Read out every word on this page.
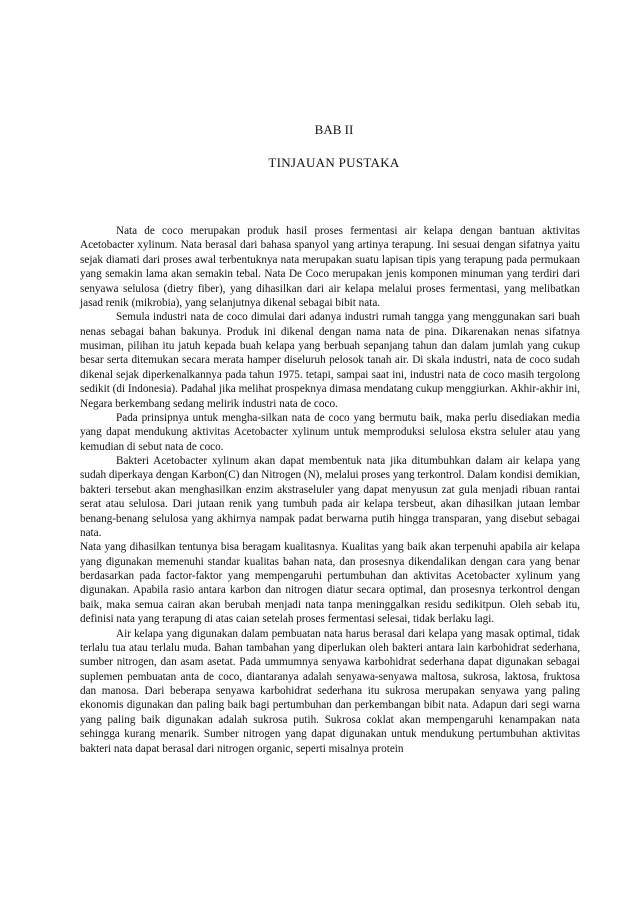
BAB II
TINJAUAN PUSTAKA

Nata de coco merupakan produk hasil proses fermentasi air kelapa dengan bantuan aktivitas Acetobacter xylinum. Nata berasal dari bahasa spanyol yang artinya terapung. Ini sesuai dengan sifatnya yaitu sejak diamati dari proses awal terbentuknya nata merupakan suatu lapisan tipis yang terapung pada permukaan yang semakin lama akan semakin tebal. Nata De Coco merupakan jenis komponen minuman yang terdiri dari senyawa selulosa (dietry fiber), yang dihasilkan dari air kelapa melalui proses fermentasi, yang melibatkan jasad renik (mikrobia), yang selanjutnya dikenal sebagai bibit nata.

Semula industri nata de coco dimulai dari adanya industri rumah tangga yang menggunakan sari buah nenas sebagai bahan bakunya. Produk ini dikenal dengan nama nata de pina. Dikarenakan nenas sifatnya musiman, pilihan itu jatuh kepada buah kelapa yang berbuah sepanjang tahun dan dalam jumlah yang cukup besar serta ditemukan secara merata hamper diseluruh pelosok tanah air. Di skala industri, nata de coco sudah dikenal sejak diperkenalkannya pada tahun 1975. tetapi, sampai saat ini, industri nata de coco masih tergolong sedikit (di Indonesia). Padahal jika melihat prospeknya dimasa mendatang cukup menggiurkan. Akhir-akhir ini, Negara berkembang sedang melirik industri nata de coco.

Pada prinsipnya untuk mengha-silkan nata de coco yang bermutu baik, maka perlu disediakan media yang dapat mendukung aktivitas Acetobacter xylinum untuk memproduksi selulosa ekstra seluler atau yang kemudian di sebut nata de coco.

Bakteri Acetobacter xylinum akan dapat membentuk nata jika ditumbuhkan dalam air kelapa yang sudah diperkaya dengan Karbon(C) dan Nitrogen (N), melalui proses yang terkontrol. Dalam kondisi demikian, bakteri tersebut akan menghasilkan enzim akstraseluler yang dapat menyusun zat gula menjadi ribuan rantai serat atau selulosa. Dari jutaan renik yang tumbuh pada air kelapa tersbeut, akan dihasilkan jutaan lembar benang-benang selulosa yang akhirnya nampak padat berwarna putih hingga transparan, yang disebut sebagai nata.

Nata yang dihasilkan tentunya bisa beragam kualitasnya. Kualitas yang baik akan terpenuhi apabila air kelapa yang digunakan memenuhi standar kualitas bahan nata, dan prosesnya dikendalikan dengan cara yang benar berdasarkan pada factor-faktor yang mempengaruhi pertumbuhan dan aktivitas Acetobacter xylinum yang digunakan. Apabila rasio antara karbon dan nitrogen diatur secara optimal, dan prosesnya terkontrol dengan baik, maka semua cairan akan berubah menjadi nata tanpa meninggalkan residu sedikitpun. Oleh sebab itu, definisi nata yang terapung di atas caian setelah proses fermentasi selesai, tidak berlaku lagi.

Air kelapa yang digunakan dalam pembuatan nata harus berasal dari kelapa yang masak optimal, tidak terlalu tua atau terlalu muda. Bahan tambahan yang diperlukan oleh bakteri antara lain karbohidrat sederhana, sumber nitrogen, dan asam asetat. Pada ummumnya senyawa karbohidrat sederhana dapat digunakan sebagai suplemen pembuatan anta de coco, diantaranya adalah senyawa-senyawa maltosa, sukrosa, laktosa, fruktosa dan manosa. Dari beberapa senyawa karbohidrat sederhana itu sukrosa merupakan senyawa yang paling ekonomis digunakan dan paling baik bagi pertumbuhan dan perkembangan bibit nata. Adapun dari segi warna yang paling baik digunakan adalah sukrosa putih. Sukrosa coklat akan mempengaruhi kenampakan nata sehingga kurang menarik. Sumber nitrogen yang dapat digunakan untuk mendukung pertumbuhan aktivitas bakteri nata dapat berasal dari nitrogen organic, seperti misalnya protein
